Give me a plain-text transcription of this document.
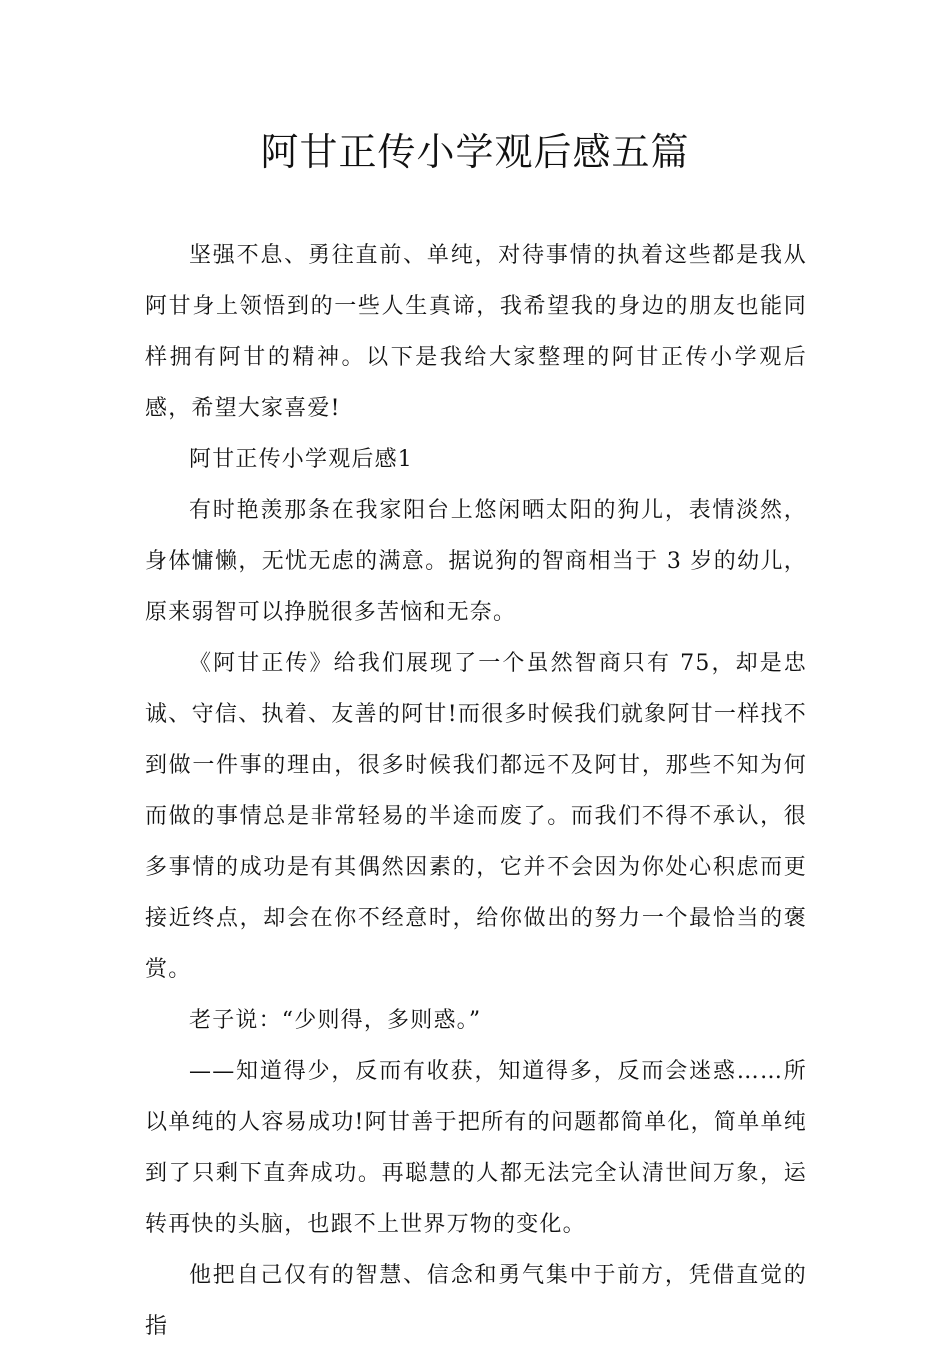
阿甘正传小学观后感五篇

坚强不息、勇往直前、单纯，对待事情的执着这些都是我从阿甘身上领悟到的一些人生真谛，我希望我的身边的朋友也能同样拥有阿甘的精神。以下是我给大家整理的阿甘正传小学观后感，希望大家喜爱!

阿甘正传小学观后感1

有时艳羡那条在我家阳台上悠闲晒太阳的狗儿，表情淡然，身体慵懒，无忧无虑的满意。据说狗的智商相当于 3 岁的幼儿，原来弱智可以挣脱很多苦恼和无奈。

《阿甘正传》给我们展现了一个虽然智商只有 75，却是忠诚、守信、执着、友善的阿甘!而很多时候我们就象阿甘一样找不到做一件事的理由，很多时候我们都远不及阿甘，那些不知为何而做的事情总是非常轻易的半途而废了。而我们不得不承认，很多事情的成功是有其偶然因素的，它并不会因为你处心积虑而更接近终点，却会在你不经意时，给你做出的努力一个最恰当的褒赏。

老子说：“少则得，多则惑。”

——知道得少，反而有收获，知道得多，反而会迷惑……所以单纯的人容易成功!阿甘善于把所有的问题都简单化，简单单纯到了只剩下直奔成功。再聪慧的人都无法完全认清世间万象，运转再快的头脑，也跟不上世界万物的变化。

他把自己仅有的智慧、信念和勇气集中于前方，凭借直觉的指
